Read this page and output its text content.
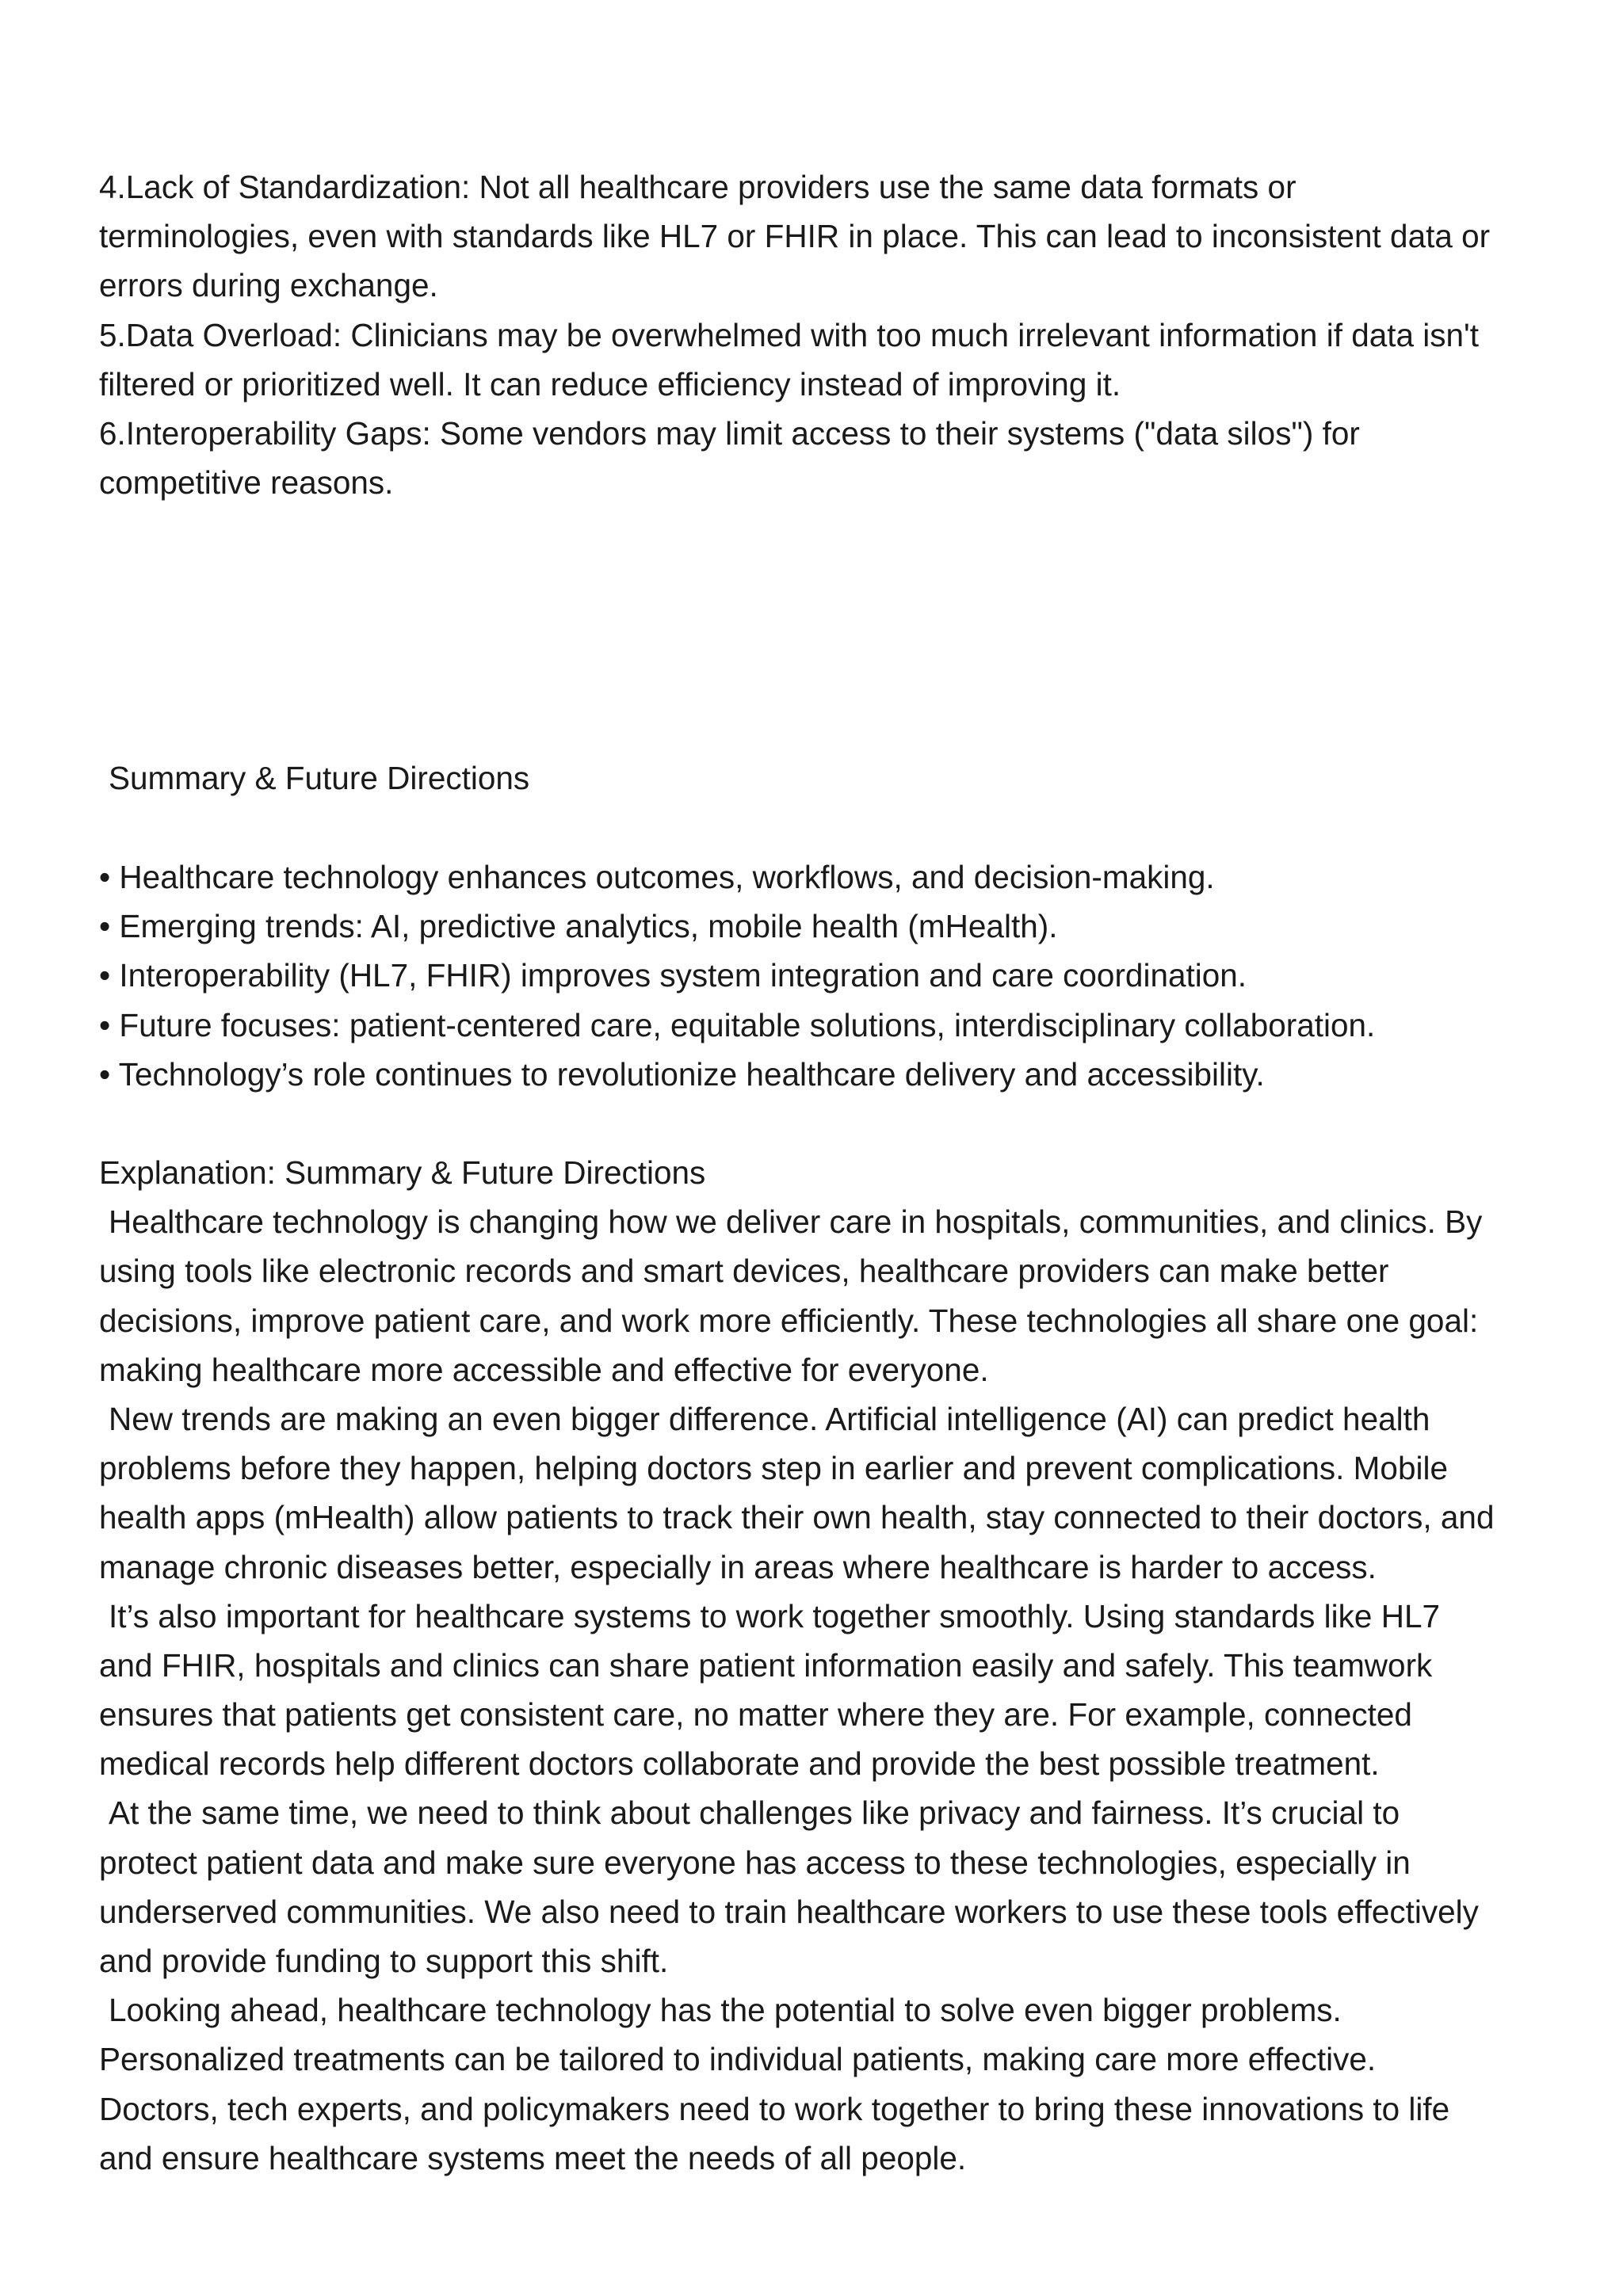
4.Lack of Standardization: Not all healthcare providers use the same data formats or
terminologies, even with standards like HL7 or FHIR in place. This can lead to inconsistent data or
errors during exchange.
5.Data Overload: Clinicians may be overwhelmed with too much irrelevant information if data isn't
filtered or prioritized well. It can reduce efficiency instead of improving it.
6.Interoperability Gaps: Some vendors may limit access to their systems ("data silos") for
competitive reasons.
Summary & Future Directions
• Healthcare technology enhances outcomes, workflows, and decision-making.
• Emerging trends: AI, predictive analytics, mobile health (mHealth).
• Interoperability (HL7, FHIR) improves system integration and care coordination.
• Future focuses: patient-centered care, equitable solutions, interdisciplinary collaboration.
• Technology’s role continues to revolutionize healthcare delivery and accessibility.
Explanation: Summary & Future Directions
Healthcare technology is changing how we deliver care in hospitals, communities, and clinics. By
using tools like electronic records and smart devices, healthcare providers can make better
decisions, improve patient care, and work more efficiently. These technologies all share one goal:
making healthcare more accessible and effective for everyone.
New trends are making an even bigger difference. Artificial intelligence (AI) can predict health
problems before they happen, helping doctors step in earlier and prevent complications. Mobile
health apps (mHealth) allow patients to track their own health, stay connected to their doctors, and
manage chronic diseases better, especially in areas where healthcare is harder to access.
It’s also important for healthcare systems to work together smoothly. Using standards like HL7
and FHIR, hospitals and clinics can share patient information easily and safely. This teamwork
ensures that patients get consistent care, no matter where they are. For example, connected
medical records help different doctors collaborate and provide the best possible treatment.
At the same time, we need to think about challenges like privacy and fairness. It’s crucial to
protect patient data and make sure everyone has access to these technologies, especially in
underserved communities. We also need to train healthcare workers to use these tools effectively
and provide funding to support this shift.
Looking ahead, healthcare technology has the potential to solve even bigger problems.
Personalized treatments can be tailored to individual patients, making care more effective.
Doctors, tech experts, and policymakers need to work together to bring these innovations to life
and ensure healthcare systems meet the needs of all people.
